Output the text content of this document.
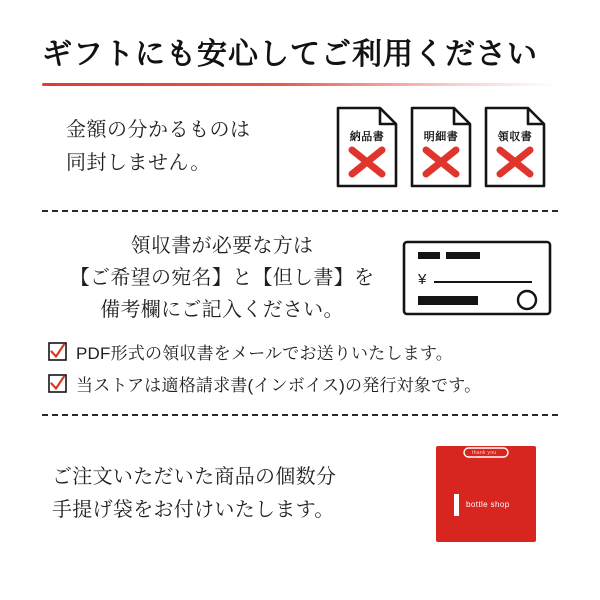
ギフトにも安心してご利用ください
金額の分かるものは
同封しません。
納品書	明細書	領収書
領収書が必要な方は
【ご希望の宛名】と【但し書】を
備考欄にご記入ください。
¥
PDF形式の領収書をメールでお送りいたします。
当ストアは適格請求書(インボイス)の発行対象です。
ご注文いただいた商品の個数分
手提げ袋をお付けいたします。
thank you
bottle shop
